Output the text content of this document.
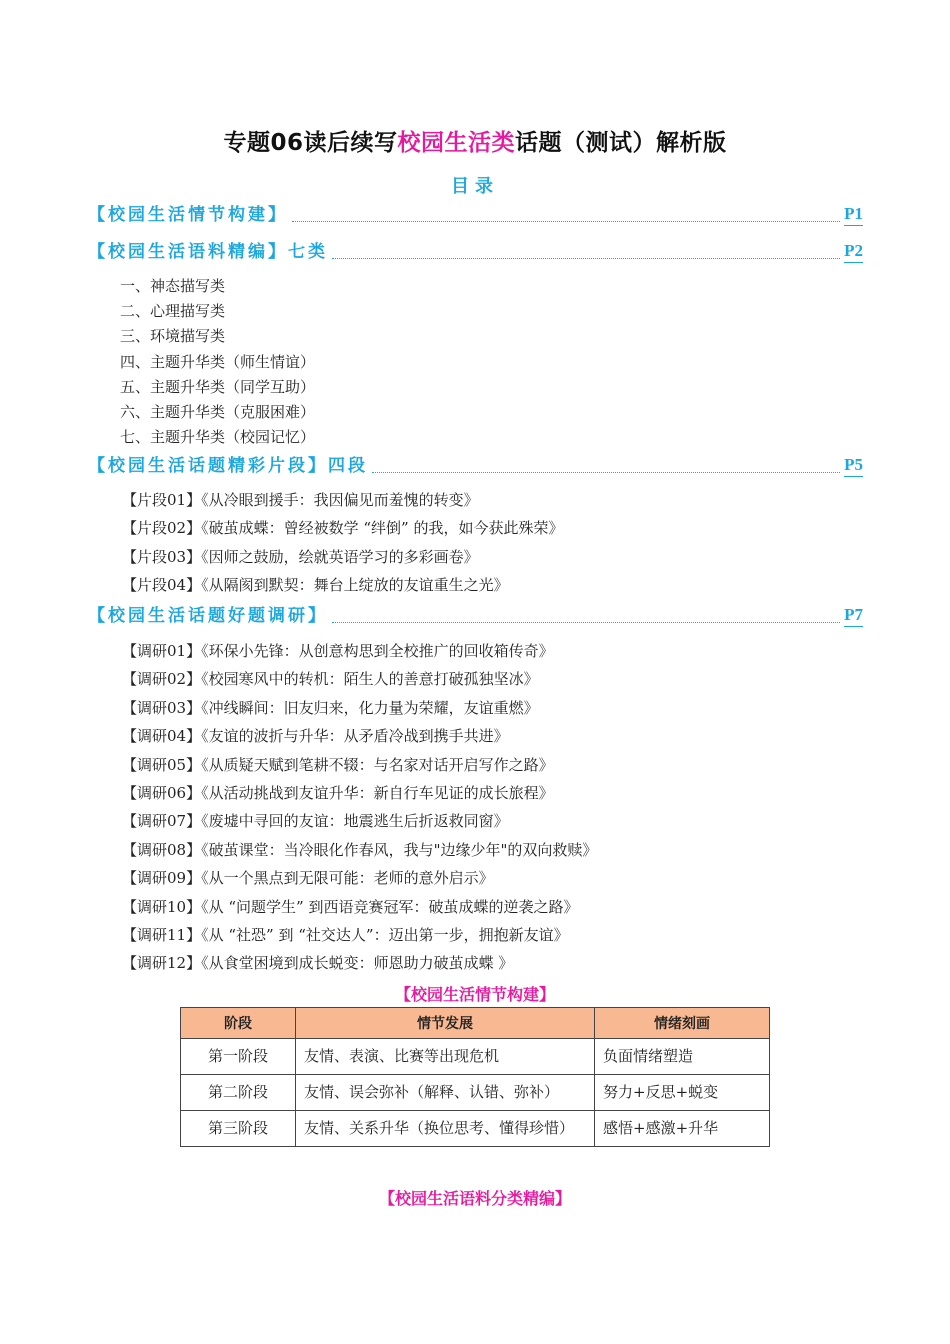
专题06读后续写校园生活类话题（测试）解析版
目录
【校园生活情节构建】	P1
【校园生活语料精编】七类	P2
一、神态描写类
二、心理描写类
三、环境描写类
四、主题升华类（师生情谊）
五、主题升华类（同学互助）
六、主题升华类（克服困难）
七、主题升华类（校园记忆）
【校园生活话题精彩片段】四段	P5
【片段01】《从冷眼到援手：我因偏见而羞愧的转变》
【片段02】《破茧成蝶：曾经被数学 “绊倒” 的我，如今获此殊荣》
【片段03】《因师之鼓励，绘就英语学习的多彩画卷》
【片段04】《从隔阂到默契：舞台上绽放的友谊重生之光》
【校园生活话题好题调研】	P7
【调研01】《环保小先锋：从创意构思到全校推广的回收箱传奇》
【调研02】《校园寒风中的转机：陌生人的善意打破孤独坚冰》
【调研03】《冲线瞬间：旧友归来，化力量为荣耀，友谊重燃》
【调研04】《友谊的波折与升华：从矛盾冷战到携手共进》
【调研05】《从质疑天赋到笔耕不辍：与名家对话开启写作之路》
【调研06】《从活动挑战到友谊升华：新自行车见证的成长旅程》
【调研07】《废墟中寻回的友谊：地震逃生后折返救同窗》
【调研08】《破茧课堂：当冷眼化作春风，我与"边缘少年"的双向救赎》
【调研09】《从一个黑点到无限可能：老师的意外启示》
【调研10】《从 “问题学生” 到西语竞赛冠军：破茧成蝶的逆袭之路》
【调研11】《从 “社恐” 到 “社交达人”：迈出第一步，拥抱新友谊》
【调研12】《从食堂困境到成长蜕变：师恩助力破茧成蝶 》
【校园生活情节构建】
阶段	情节发展	情绪刻画
第一阶段	友情、表演、比赛等出现危机	负面情绪塑造
第二阶段	友情、误会弥补（解释、认错、弥补）	努力+反思+蜕变
第三阶段	友情、关系升华（换位思考、懂得珍惜）	感悟+感激+升华
【校园生活语料分类精编】
